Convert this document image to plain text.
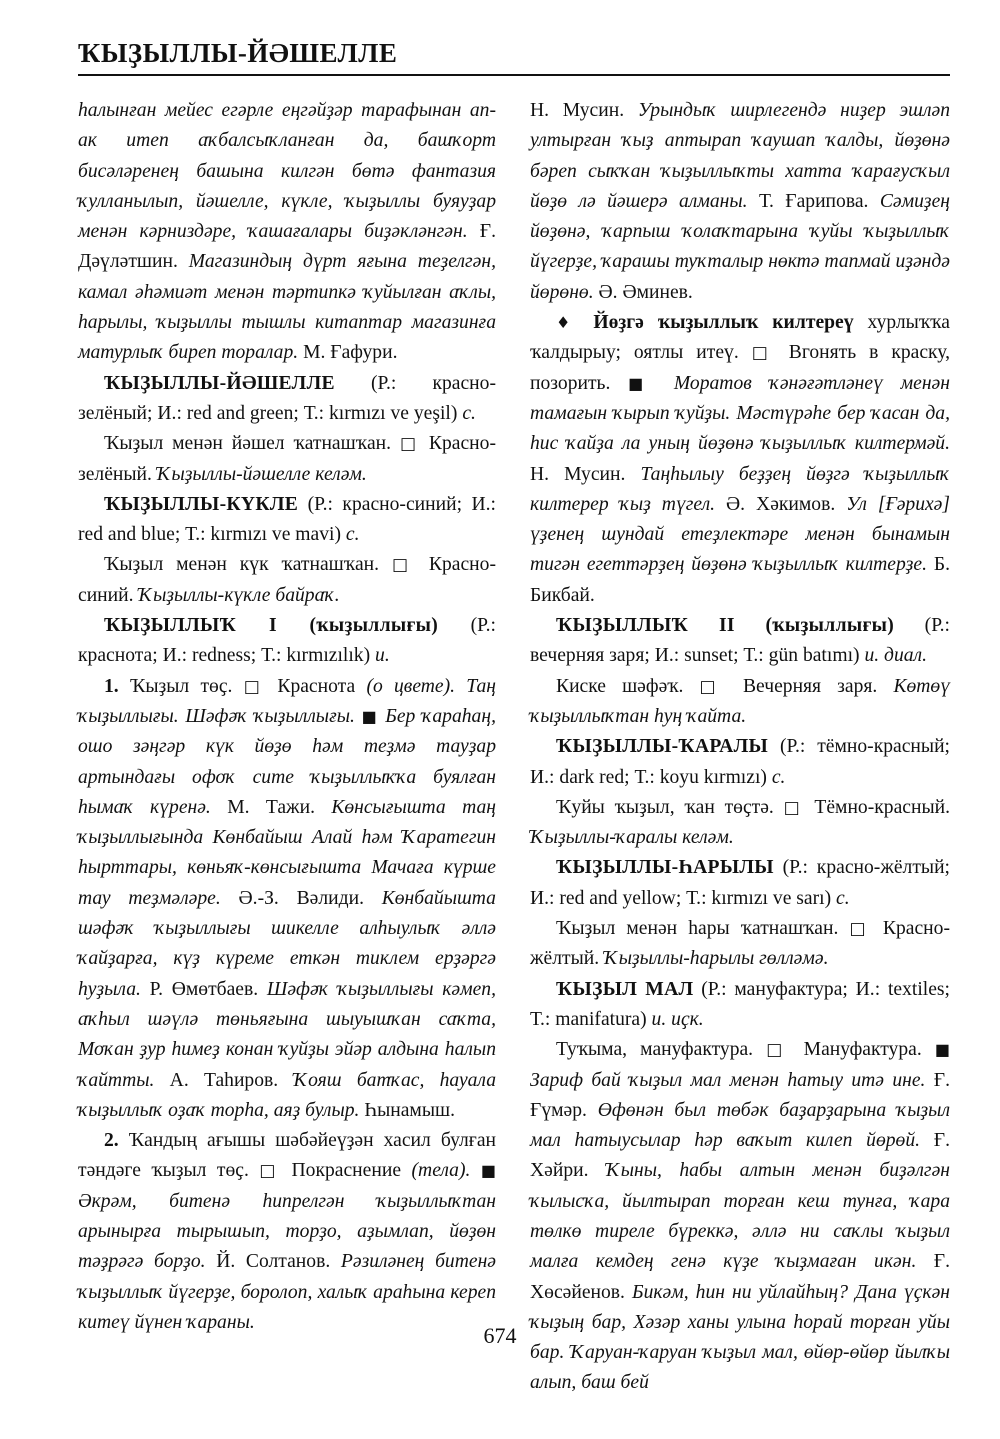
ҠЫҘЫЛЛЫ-ЙӘШЕЛЛЕ

һалынған мейес егәрле еңгәйҙәр тарафынан ап-ак итеп аҡбалсыҡланған да, башҡорт бисәләренең башына килгән бөтә фантазия ҡулланылып, йәшелле, күкле, ҡыҙыллы буяуҙар менән кәрниздәре, ҡашағалары биҙәкләнгән. Ғ. Дәүләтшин. Магазиндың дүрт яғына теҙелгән, камал әһәмиәт менән тәртипкә ҡуйылған аҡлы, һарылы, ҡыҙыллы тышлы китаптар магазинға матурлыҡ биреп торалар. М. Ғафури.

ҠЫҘЫЛЛЫ-ЙӘШЕЛЛЕ (Р.: красно-зелёный; И.: red and green; Т.: kırmızı ve yeşil) с.

Ҡыҙыл менән йәшел ҡатнашҡан. □ Красно-зелёный. Ҡыҙыллы-йәшелле келәм.

ҠЫҘЫЛЛЫ-КҮКЛЕ (Р.: красно-синий; И.: red and blue; Т.: kırmızı ve mavi) с.

Ҡыҙыл менән күк ҡатнашҡан. □ Красно-синий. Ҡыҙыллы-күкле байраҡ.

ҠЫҘЫЛЛЫҠ I (ҡыҙыллығы) (Р.: краснота; И.: redness; Т.: kırmızılık) и.

1. Ҡыҙыл төҫ. □ Краснота (о цвете). Таң ҡыҙыллығы. Шәфәҡ ҡыҙыллығы. ■ Бер ҡараһаң, ошо зәңгәр күк йөҙө һәм теҙмә тауҙар артындағы офоҡ сите ҡыҙыллыҡҡа буялған һымаҡ күренә. М. Тажи. Көнсығышта таң ҡыҙыллығында Көнбайыш Алай һәм Ҡаратегин һырттары, көньяҡ-көнсығышта Мачаға күрше тау теҙмәләре. Ә.-З. Вәлиди. Көнбайышта шәфәҡ ҡыҙыллығы шикелле алһыулыҡ әллә ҡайҙарға, күҙ күреме еткән тиклем ерҙәргә һуҙыла. Р. Өмөтбаев. Шәфәҡ ҡыҙыллығы кәмеп, аҡһыл шәүлә төньяғына шыуышҡан саҡта, Моҡан ҙур һимеҙ конан ҡуйҙы эйәр алдына һалып ҡайтты. А. Таһиров. Ҡояш батҡас, һауала ҡыҙыллыҡ оҙаҡ торһа, аяҙ булыр. Һынамыш.

2. Ҡандың ағышы шәбәйеүҙән хасил булған тәндәге ҡыҙыл төҫ. □ Покраснение (тела). ■ Әкрәм, битенә һипрелгән ҡыҙыллыҡтан арынырға тырышып, торҙо, аҙымлап, йөҙөн тәҙрәгә борҙо. Й. Солтанов. Рәзиләнең битенә ҡыҙыллыҡ йүгерҙе, боролоп, халыҡ араһына кереп китеү йүнен ҡараны.

Н. Мусин. Урындыҡ ширлегендә ниҙер эшләп ултырған ҡыҙ аптырап ҡаушап ҡалды, йөҙөнә бәреп сыҡҡан ҡыҙыллыҡты хатта ҡарағусҡыл йөҙө лә йәшерә алманы. Т. Ғарипова. Сәмиҙең йөҙөнә, ҡарпыш ҡолаҡтарына ҡуйы ҡыҙыллыҡ йүгерҙе, ҡарашы туҡталыр нөктә тапмай иҙәндә йөрөнө. Ә. Әминев.

♦ Йөҙгә ҡыҙыллыҡ килтереү хурлыҡҡа ҡалдырыу; оятлы итеү. □ Вгонять в краску, позорить. ■ Моратов ҡәнәғәтләнеү менән тамағын ҡырып ҡуйҙы. Мәстүрәһе бер ҡасан да, һис ҡайҙа ла уның йөҙөнә ҡыҙыллыҡ килтермәй. Н. Мусин. Таңһылыу беҙҙең йөҙгә ҡыҙыллыҡ килтерер ҡыҙ түгел. Ә. Хәкимов. Ул [Ғәрихә] үҙенең шундай етеҙлектәре менән бынамын тигән егеттәрҙең йөҙөнә ҡыҙыллыҡ килтерҙе. Б. Бикбай.

ҠЫҘЫЛЛЫҠ II (ҡыҙыллығы) (Р.: вечерняя заря; И.: sunset; Т.: gün batımı) и. диал.

Киске шәфәҡ. □ Вечерняя заря. Көтөү ҡыҙыллыҡтан һуң ҡайта.

ҠЫҘЫЛЛЫ-ҠАРАЛЫ (Р.: тёмно-красный; И.: dark red; Т.: koyu kırmızı) с.

Ҡуйы ҡыҙыл, ҡан төҫтә. □ Тёмно-красный. Ҡыҙыллы-ҡаралы келәм.

ҠЫҘЫЛЛЫ-ҺАРЫЛЫ (Р.: красно-жёлтый; И.: red and yellow; Т.: kırmızı ve sarı) с.

Ҡыҙыл менән һары ҡатнашҡан. □ Красно-жёлтый. Ҡыҙыллы-һарылы гөлләмә.

ҠЫҘЫЛ МАЛ (Р.: мануфактура; И.: textiles; Т.: manifatura) и. иҫк.

Туҡыма, мануфактура. □ Мануфактура. ■ Зариф бай ҡыҙыл мал менән һатыу итә ине. Ғ. Ғүмәр. Өфөнән был төбәк баҙарҙарына ҡыҙыл мал һатыусылар һәр ваҡыт килеп йөрөй. Ғ. Хәйри. Ҡыны, һабы алтын менән биҙәлгән ҡылысҡа, йылтырап торған кеш тунға, ҡара төлкө тиреле бүреккә, әллә ни саҡлы ҡыҙыл малға кемдең генә күҙе ҡыҙмаған икән. Ғ. Хөсәйенов. Бикәм, һин ни уйлайһың? Дана үҫкән ҡыҙың бар, Хәзәр ханы улына һорай торған уйы бар. Ҡаруан-ҡаруан ҡыҙыл мал, өйөр-өйөр йылҡы алып, баш бей

674
